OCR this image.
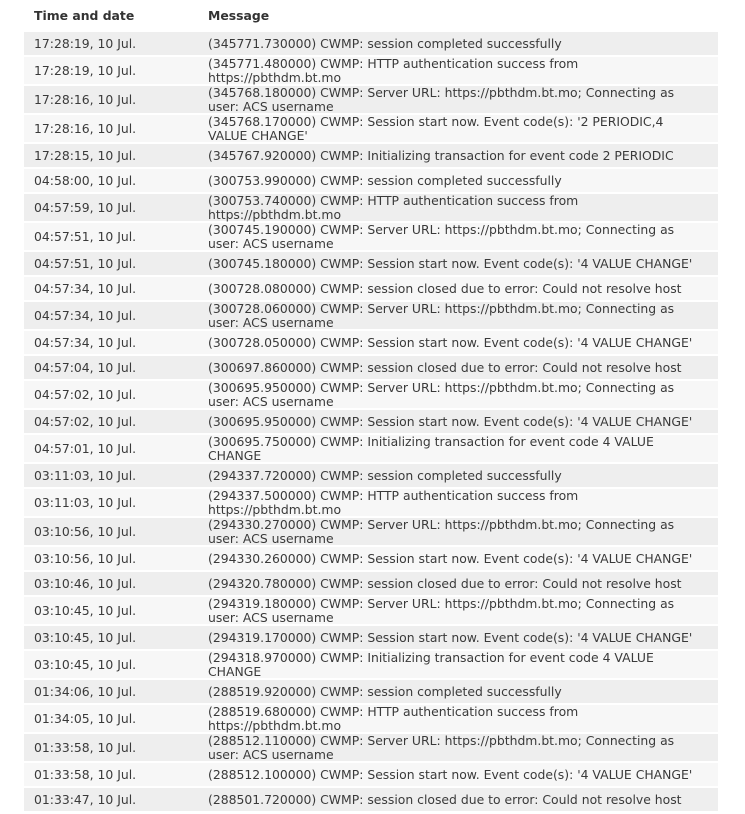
Time and date	Message
17:28:19, 10 Jul.	(345771.730000) CWMP: session completed successfully
17:28:19, 10 Jul.	(345771.480000) CWMP: HTTP authentication success from
https://pbthdm.bt.mo
17:28:16, 10 Jul.	(345768.180000) CWMP: Server URL: https://pbthdm.bt.mo; Connecting as
user: ACS username
17:28:16, 10 Jul.	(345768.170000) CWMP: Session start now. Event code(s): '2 PERIODIC,4
VALUE CHANGE'
17:28:15, 10 Jul.	(345767.920000) CWMP: Initializing transaction for event code 2 PERIODIC
04:58:00, 10 Jul.	(300753.990000) CWMP: session completed successfully
04:57:59, 10 Jul.	(300753.740000) CWMP: HTTP authentication success from
https://pbthdm.bt.mo
04:57:51, 10 Jul.	(300745.190000) CWMP: Server URL: https://pbthdm.bt.mo; Connecting as
user: ACS username
04:57:51, 10 Jul.	(300745.180000) CWMP: Session start now. Event code(s): '4 VALUE CHANGE'
04:57:34, 10 Jul.	(300728.080000) CWMP: session closed due to error: Could not resolve host
04:57:34, 10 Jul.	(300728.060000) CWMP: Server URL: https://pbthdm.bt.mo; Connecting as
user: ACS username
04:57:34, 10 Jul.	(300728.050000) CWMP: Session start now. Event code(s): '4 VALUE CHANGE'
04:57:04, 10 Jul.	(300697.860000) CWMP: session closed due to error: Could not resolve host
04:57:02, 10 Jul.	(300695.950000) CWMP: Server URL: https://pbthdm.bt.mo; Connecting as
user: ACS username
04:57:02, 10 Jul.	(300695.950000) CWMP: Session start now. Event code(s): '4 VALUE CHANGE'
04:57:01, 10 Jul.	(300695.750000) CWMP: Initializing transaction for event code 4 VALUE
CHANGE
03:11:03, 10 Jul.	(294337.720000) CWMP: session completed successfully
03:11:03, 10 Jul.	(294337.500000) CWMP: HTTP authentication success from
https://pbthdm.bt.mo
03:10:56, 10 Jul.	(294330.270000) CWMP: Server URL: https://pbthdm.bt.mo; Connecting as
user: ACS username
03:10:56, 10 Jul.	(294330.260000) CWMP: Session start now. Event code(s): '4 VALUE CHANGE'
03:10:46, 10 Jul.	(294320.780000) CWMP: session closed due to error: Could not resolve host
03:10:45, 10 Jul.	(294319.180000) CWMP: Server URL: https://pbthdm.bt.mo; Connecting as
user: ACS username
03:10:45, 10 Jul.	(294319.170000) CWMP: Session start now. Event code(s): '4 VALUE CHANGE'
03:10:45, 10 Jul.	(294318.970000) CWMP: Initializing transaction for event code 4 VALUE
CHANGE
01:34:06, 10 Jul.	(288519.920000) CWMP: session completed successfully
01:34:05, 10 Jul.	(288519.680000) CWMP: HTTP authentication success from
https://pbthdm.bt.mo
01:33:58, 10 Jul.	(288512.110000) CWMP: Server URL: https://pbthdm.bt.mo; Connecting as
user: ACS username
01:33:58, 10 Jul.	(288512.100000) CWMP: Session start now. Event code(s): '4 VALUE CHANGE'
01:33:47, 10 Jul.	(288501.720000) CWMP: session closed due to error: Could not resolve host
